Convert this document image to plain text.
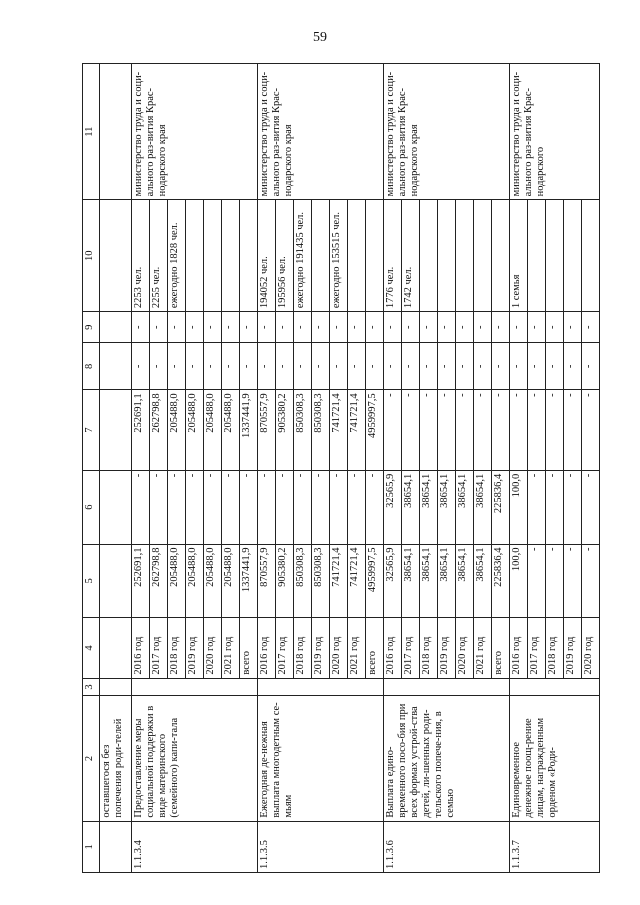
59
1	2	3	4	5	6	7	8	9	10	11
	оставшегося без попечения роди-телей									
1.1.3.4	Предоставление меры социальной поддержки в виде материнского (семейного) капи-тала		2016 год	252691,1	-	252691,1	-	-	2253 чел.	министерство труда и соци-ального раз-вития Крас-нодарского края
			2017 год	262798,8	-	262798,8	-	-	2255 чел.	
			2018 год	205488,0	-	205488,0	-	-	ежегодно 1828 чел.	
			2019 год	205488,0	-	205488,0	-	-		
			2020 год	205488,0	-	205488,0	-	-		
			2021 год	205488,0	-	205488,0	-	-		
			всего	1337441,9	-	1337441,9	-	-		
1.1.3.5	Ежегодная де-нежная выплата многодетным се-мьям		2016 год	870557,9	-	870557,9	-	-	194052 чел.	министерство труда и соци-ального раз-вития Крас-нодарского края
			2017 год	905380,2	-	905380,2	-	-	195956 чел.	
			2018 год	850308,3	-	850308,3	-	-	ежегодно 191435 чел.	
			2019 год	850308,3	-	850308,3	-	-		
			2020 год	741721,4	-	741721,4	-	-	ежегодно 153515 чел.	
			2021 год	741721,4	-	741721,4	-	-		
			всего	4959997,5	-	4959997,5	-	-		
1.1.3.6	Выплата едино-временного посо-бия при всех формах устрой-ства детей, ли-шенных роди-тельского попече-ния, в семью		2016 год	32565,9	32565,9	-	-	-	1776 чел.	министерство труда и соци-ального раз-вития Крас-нодарского края
			2017 год	38654,1	38654,1	-	-	-	1742 чел.	
			2018 год	38654,1	38654,1	-	-	-		
			2019 год	38654,1	38654,1	-	-	-		
			2020 год	38654,1	38654,1	-	-	-		
			2021 год	38654,1	38654,1	-	-	-		
			всего	225836,4	225836,4	-	-	-		
1.1.3.7	Единовременное денежное поощ-рение лицам, награжденным орденом «Роди-		2016 год	100,0	100,0	-	-	-	1 семья	министерство труда и соци-ального раз-вития Крас-нодарского
			2017 год	-	-	-	-	-		
			2018 год	-	-	-	-	-		
			2019 год	-	-	-	-	-		
			2020 год	-	-	-	-	-		
